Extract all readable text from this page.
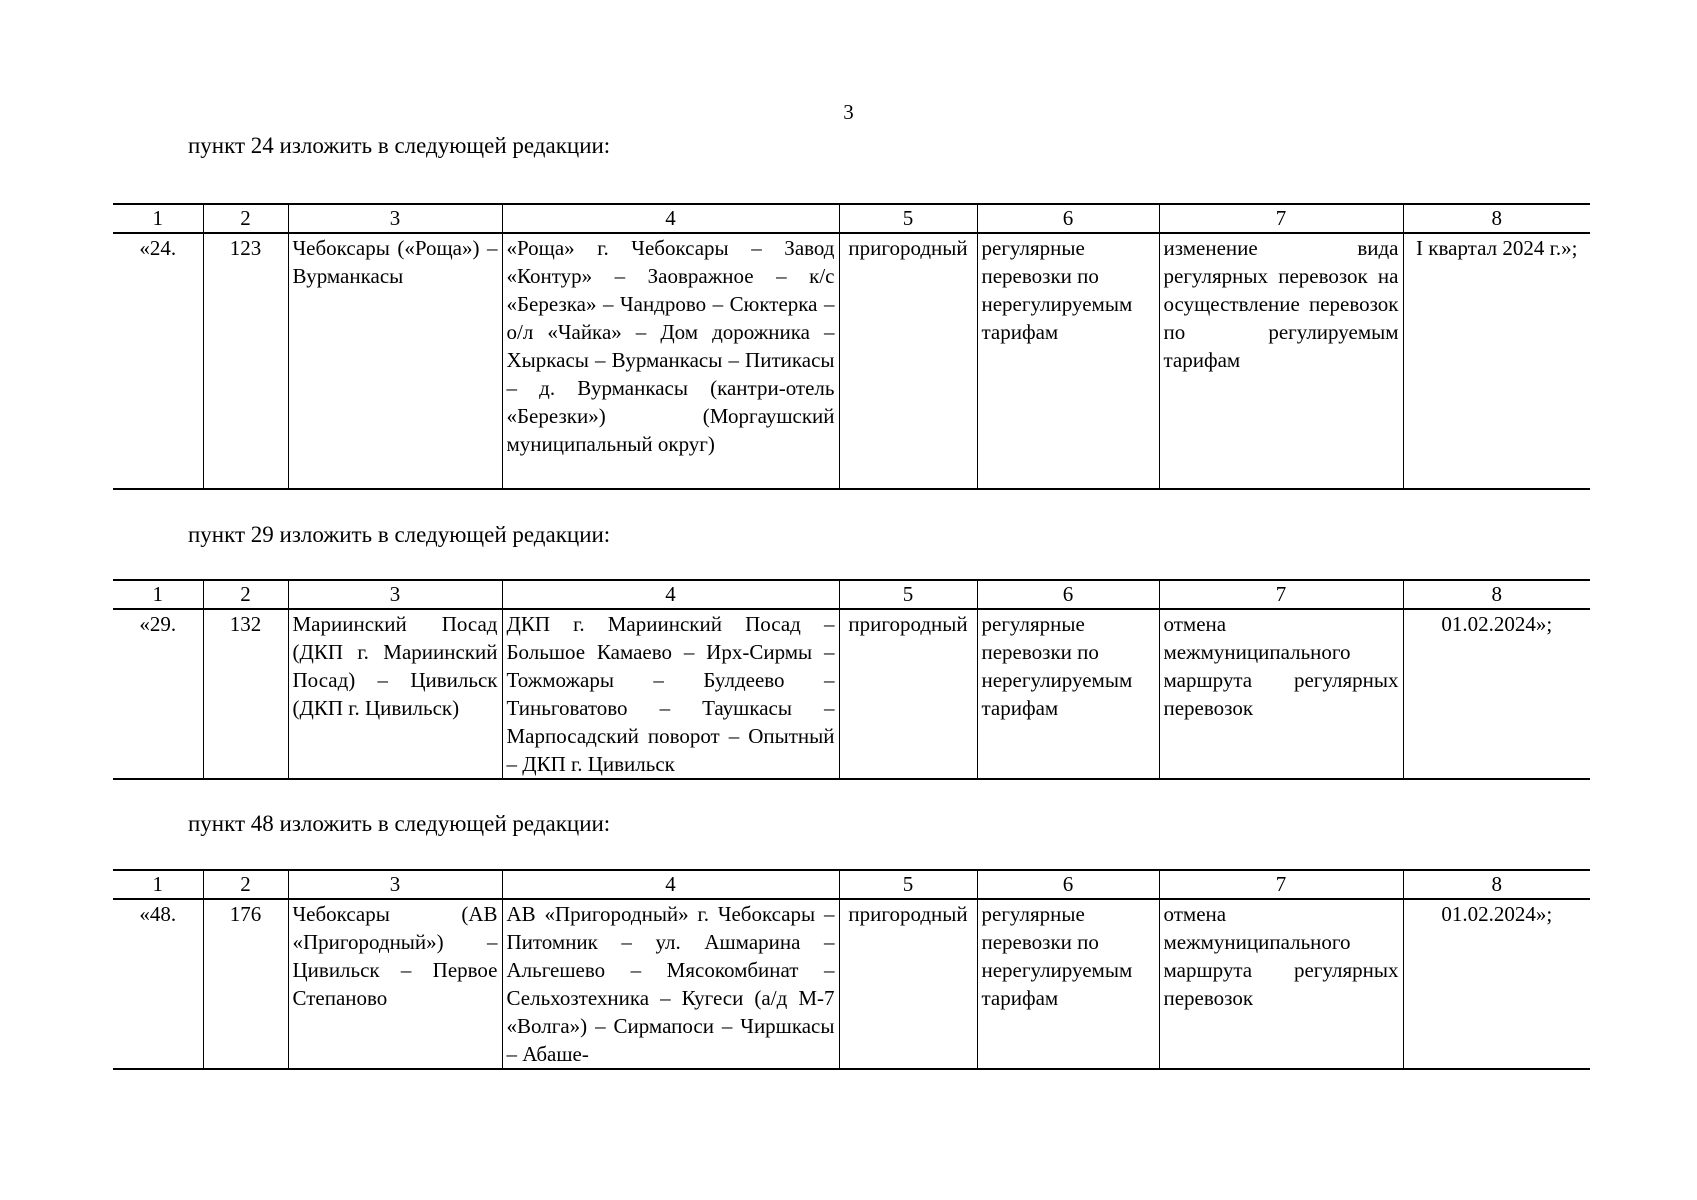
3
пункт 24 изложить в следующей редакции:
1	2	3	4	5	6	7	8
«24.	123	Чебоксары («Роща») – Вурманкасы	«Роща» г. Чебоксары – Завод «Контур» – Заовражное – к/с «Березка» – Чандрово – Сюктерка – о/л «Чайка» – Дом дорожника – Хыркасы – Вурманкасы – Питикасы – д. Вурманкасы (кантри-отель «Березки») (Моргаушский муниципальный округ)	пригородный	регулярные перевозки по нерегулируемым тарифам	изменение вида регулярных перевозок на осуществление перевозок по регулируемым тарифам	I квартал 2024 г.»;
пункт 29 изложить в следующей редакции:
1	2	3	4	5	6	7	8
«29.	132	Мариинский Посад (ДКП г. Мариинский Посад) – Цивильск (ДКП г. Цивильск)	ДКП г. Мариинский Посад – Большое Камаево – Ирх-Сирмы – Тожможары – Булдеево – Тиньговатово – Таушкасы – Марпосадский поворот – Опытный – ДКП г. Цивильск	пригородный	регулярные перевозки по нерегулируемым тарифам	отмена межмуниципального маршрута регулярных перевозок	01.02.2024»;
пункт 48 изложить в следующей редакции:
1	2	3	4	5	6	7	8
«48.	176	Чебоксары (АВ «Пригородный») – Цивильск – Первое Степаново	АВ «Пригородный» г. Чебоксары – Питомник – ул. Ашмарина – Альгешево – Мясокомбинат – Сельхозтехника – Кугеси (а/д М-7 «Волга») – Сирмапоси – Чиршкасы – Абаше-	пригородный	регулярные перевозки по нерегулируемым тарифам	отмена межмуниципального маршрута регулярных перевозок	01.02.2024»;
